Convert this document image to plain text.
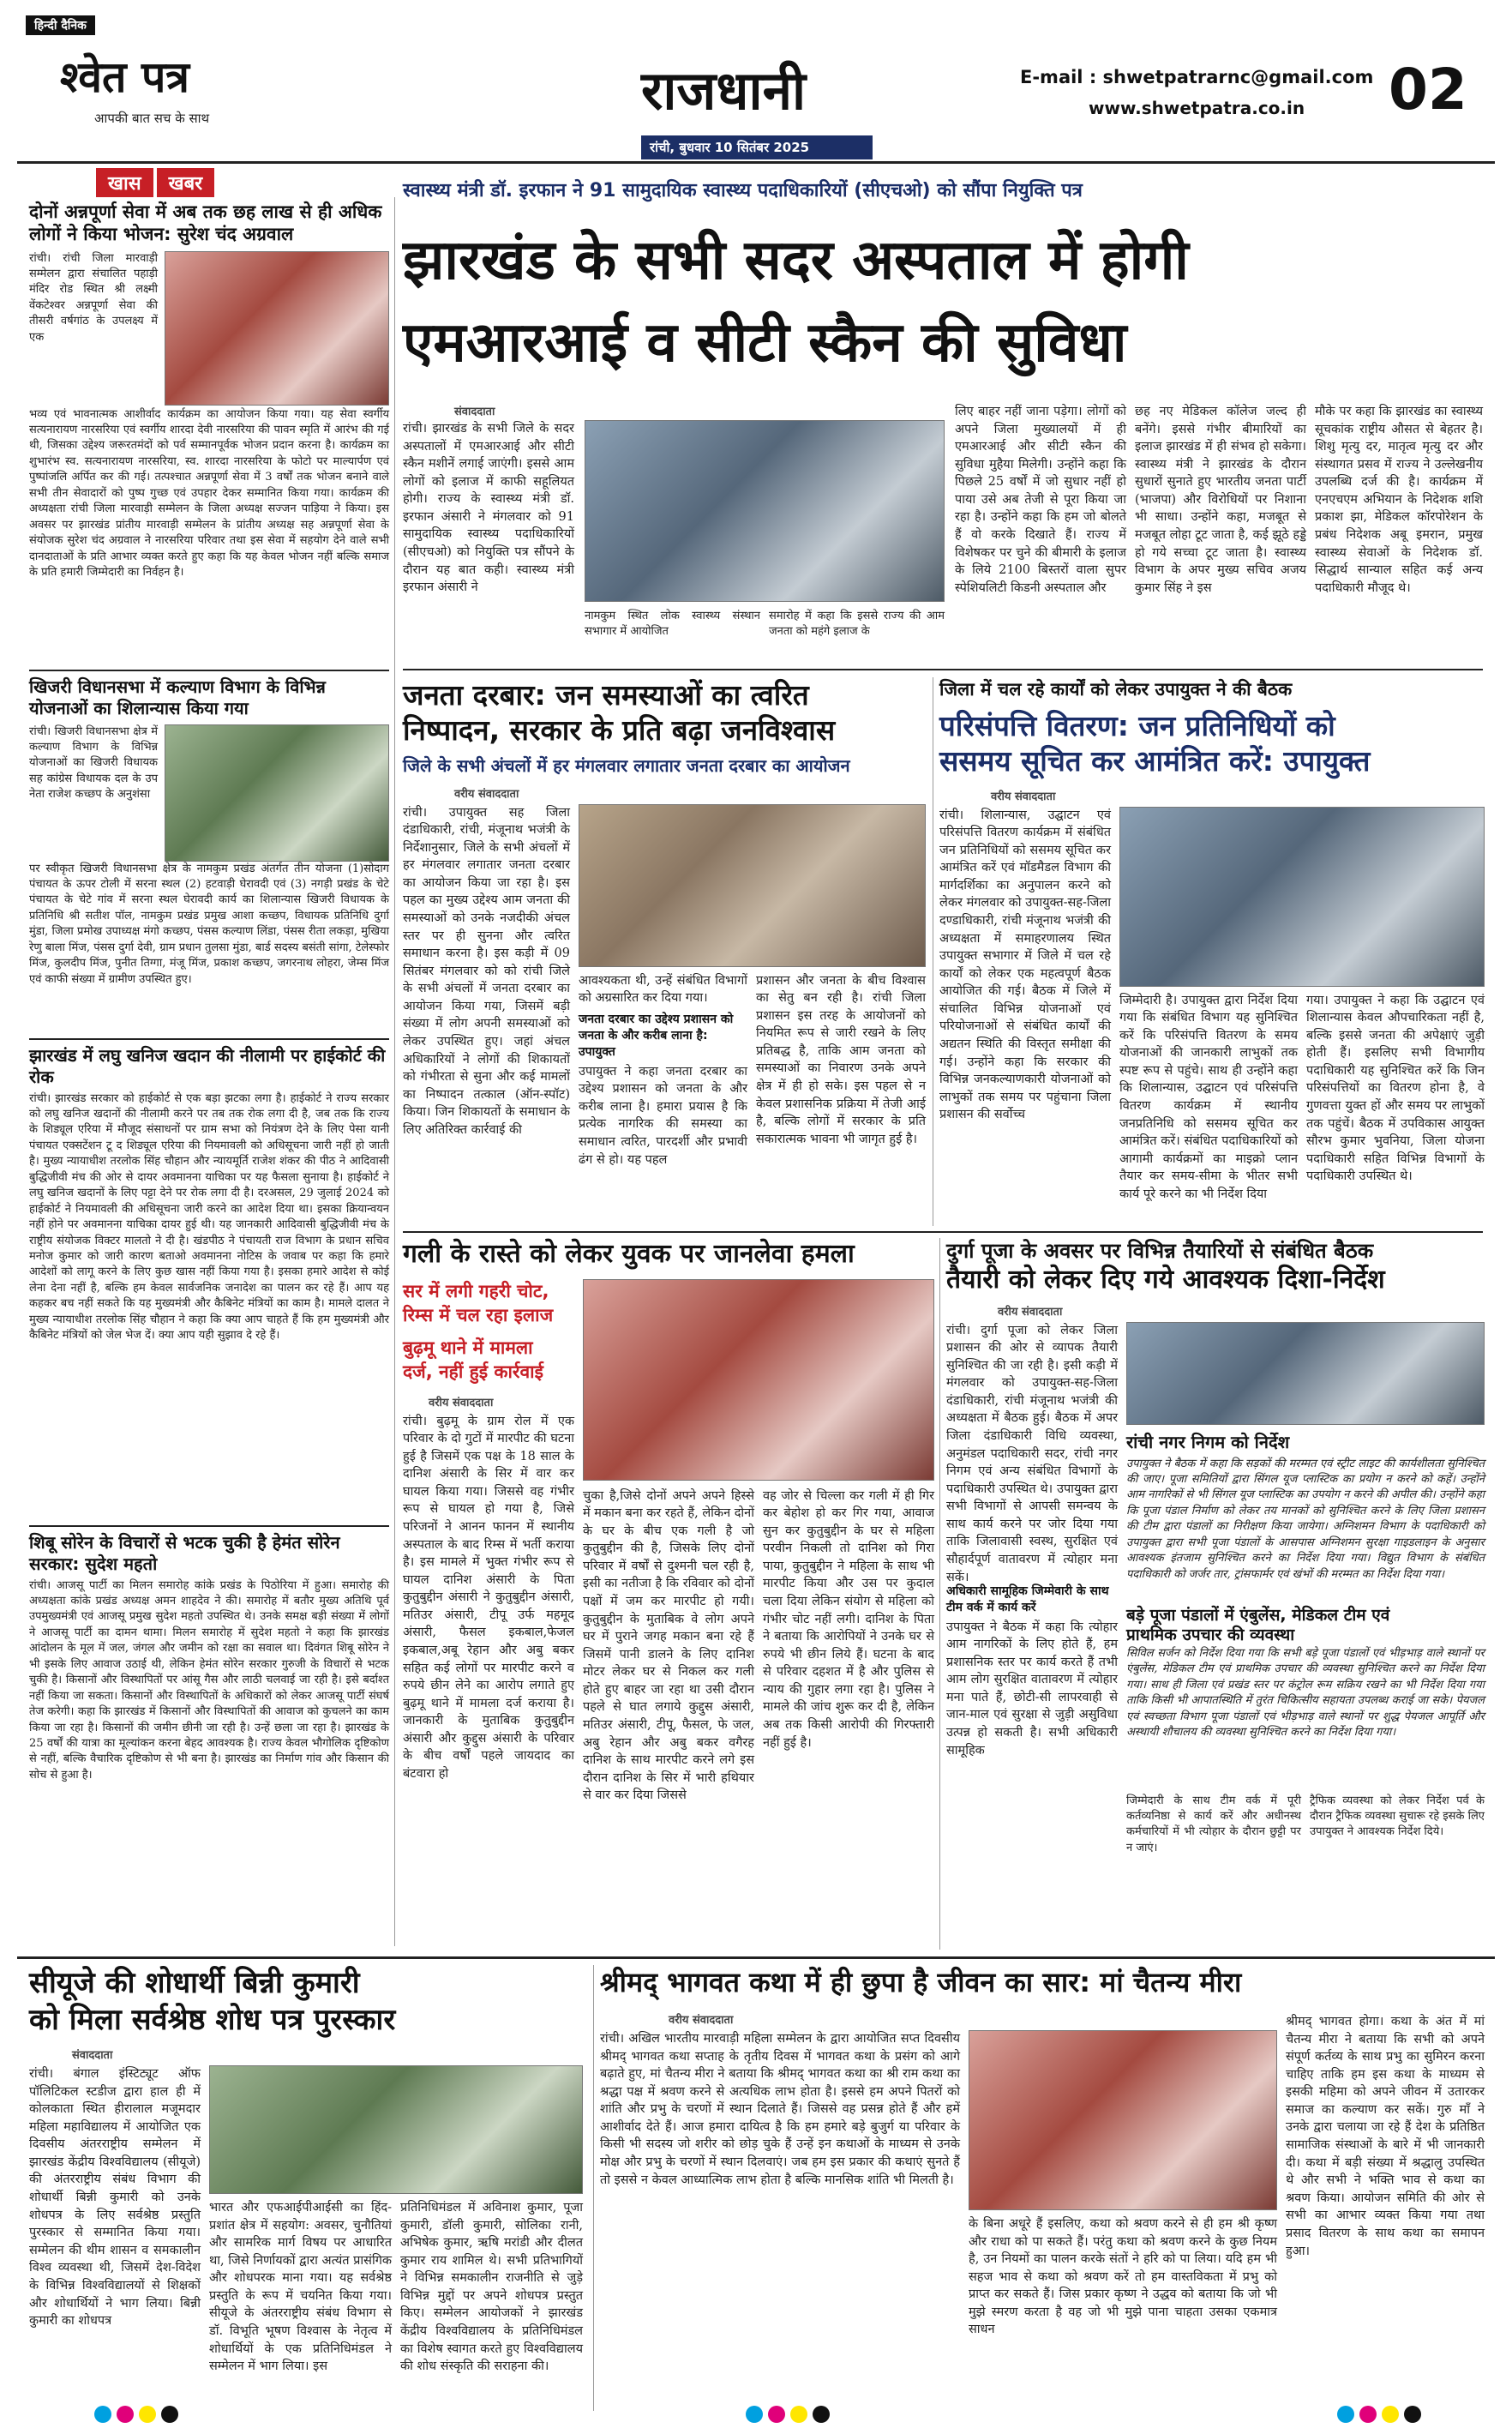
हिन्दी दैनिक
श्वेत पत्र
आपकी बात सच के साथ	राजधानी
रांची, बुधवार 10 सितंबर 2025
E-mail : shwetpatrarnc@gmail.com
www.shwetpatra.co.in 02
खास	खबर
दोनों अन्नपूर्णा सेवा में अब तक छह लाख से ही अधिक लोगों ने किया भोजन: सुरेश चंद अग्रवाल
रांची। रांची जिला मारवाड़ी सम्मेलन द्वारा संचालित पहाड़ी मंदिर रोड स्थित श्री लक्ष्मी वेंकटेश्वर अन्नपूर्णा सेवा की तीसरी वर्षगांठ के उपलक्ष्य में एक
भव्य एवं भावनात्मक आशीर्वाद कार्यक्रम का आयोजन किया गया। यह सेवा स्वर्गीय सत्यनारायण नारसरिया एवं स्वर्गीय शारदा देवी नारसरिया की पावन स्मृति में आरंभ की गई थी, जिसका उद्देश्य जरूरतमंदों को पर्व सम्मानपूर्वक भोजन प्रदान करना है। कार्यक्रम का शुभारंभ स्व. सत्यनारायण नारसरिया, स्व. शारदा नारसरिया के फोटो पर माल्यार्पण एवं पुष्पांजलि अर्पित कर की गई। तत्पश्चात अन्नपूर्णा सेवा में 3 वर्षों तक भोजन बनाने वाले सभी तीन सेवादारों को पुष्प गुच्छ एवं उपहार देकर सम्मानित किया गया। कार्यक्रम की अध्यक्षता रांची जिला मारवाड़ी सम्मेलन के जिला अध्यक्ष सज्जन पाड़िया ने किया। इस अवसर पर झारखंड प्रांतीय मारवाड़ी सम्मेलन के प्रांतीय अध्यक्ष सह अन्नपूर्णा सेवा के संयोजक सुरेश चंद अग्रवाल ने नारसरिया परिवार तथा इस सेवा में सहयोग देने वाले सभी दानदाताओं के प्रति आभार व्यक्त करते हुए कहा कि यह केवल भोजन नहीं बल्कि समाज के प्रति हमारी जिम्मेदारी का निर्वहन है।
खिजरी विधानसभा में कल्याण विभाग के विभिन्न योजनाओं का शिलान्यास किया गया
रांची। खिजरी विधानसभा क्षेत्र में कल्याण विभाग के विभिन्न योजनाओं का खिजरी विधायक सह कांग्रेस विधायक दल के उप नेता राजेश कच्छप के अनुशंसा
पर स्वीकृत खिजरी विधानसभा क्षेत्र के नामकुम प्रखंड अंतर्गत तीन योजना (1)सोदाग पंचायत के ऊपर टोली में सरना स्थल (2) हटवाड़ी घेरावदी एवं (3) नगड़ी प्रखंड के चेटे पंचायत के चेटे गांव में सरना स्थल घेरावदी कार्य का शिलान्यास खिजरी विधायक के प्रतिनिधि श्री सतीश पॉल, नामकुम प्रखंड प्रमुख आशा कच्छप, विधायक प्रतिनिधि दुर्गा मुंडा, जिला प्रमोख उपाध्यक्ष मंगो कच्छप, पंसस कल्याण लिंडा, पंसस रीता लकड़ा, मुखिया रेणु बाला मिंज, पंसस दुर्गा देवी, ग्राम प्रधान तुलसा मुंडा, बार्ड सदस्य बसंती सांगा, टेलेस्फोर मिंज, कुलदीप मिंज, पुनीत तिग्गा, मंजू मिंज, प्रकाश कच्छप, जगरनाथ लोहरा, जेम्स मिंज एवं काफी संख्या में ग्रामीण उपस्थित हुए।
झारखंड में लघु खनिज खदान की नीलामी पर हाईकोर्ट की रोक
रांची। झारखंड सरकार को हाईकोर्ट से एक बड़ा झटका लगा है। हाईकोर्ट ने राज्य सरकार को लघु खनिज खदानों की नीलामी करने पर तब तक रोक लगा दी है, जब तक कि राज्य के शिड्यूल एरिया में मौजूद संसाधनों पर ग्राम सभा को नियंत्रण देने के लिए पेसा यानी पंचायत एक्सटेंशन टू द शिड्यूल एरिया की नियमावली को अधिसूचना जारी नहीं हो जाती है। मुख्य न्यायाधीश तरलोक सिंह चौहान और न्यायमूर्ति राजेश शंकर की पीठ ने आदिवासी बुद्धिजीवी मंच की ओर से दायर अवमानना याचिका पर यह फैसला सुनाया है। हाईकोर्ट ने लघु खनिज खदानों के लिए पट्टा देने पर रोक लगा दी है। दरअसल, 29 जुलाई 2024 को हाईकोर्ट ने नियमावली की अधिसूचना जारी करने का आदेश दिया था। इसका क्रियान्वयन नहीं होने पर अवमानना याचिका दायर हुई थी। यह जानकारी आदिवासी बुद्धिजीवी मंच के राष्ट्रीय संयोजक विक्टर मालतो ने दी है। खंडपीठ ने पंचायती राज विभाग के प्रधान सचिव मनोज कुमार को जारी कारण बताओ अवमानना नोटिस के जवाब पर कहा कि हमारे आदेशों को लागू करने के लिए कुछ खास नहीं किया गया है। इसका हमारे आदेश से कोई लेना देना नहीं है, बल्कि हम केवल सार्वजनिक जनादेश का पालन कर रहे हैं। आप यह कहकर बच नहीं सकते कि यह मुख्यमंत्री और कैबिनेट मंत्रियों का काम है। मामले दालत ने मुख्य न्यायाधीश तरलोक सिंह चौहान ने कहा कि क्या आप चाहते हैं कि हम मुख्यमंत्री और कैबिनेट मंत्रियों को जेल भेज दें। क्या आप यही सुझाव दे रहे हैं।
शिबू सोरेन के विचारों से भटक चुकी है हेमंत सोरेन सरकार: सुदेश महतो
रांची। आजसू पार्टी का मिलन समारोह कांके प्रखंड के पिठोरिया में हुआ। समारोह की अध्यक्षता कांके प्रखंड अध्यक्ष अमन शाहदेव ने की। समारोह में बतौर मुख्य अतिथि पूर्व उपमुख्यमंत्री एवं आजसू प्रमुख सुदेश महतो उपस्थित थे। उनके समक्ष बड़ी संख्या में लोगों ने आजसू पार्टी का दामन थामा। मिलन समारोह में सुदेश महतो ने कहा कि झारखंड आंदोलन के मूल में जल, जंगल और जमीन को रक्षा का सवाल था। दिवंगत शिबू सोरेन ने भी इसके लिए आवाज उठाई थी, लेकिन हेमंत सोरेन सरकार गुरुजी के विचारों से भटक चुकी है। किसानों और विस्थापितों पर आंसू गैस और लाठी चलवाई जा रही है। इसे बर्दाश्त नहीं किया जा सकता। किसानों और विस्थापितों के अधिकारों को लेकर आजसू पार्टी संघर्ष तेज करेगी। कहा कि झारखंड में किसानों और विस्थापितों की आवाज को कुचलने का काम किया जा रहा है। किसानों की जमीन छीनी जा रही है। उन्हें छला जा रहा है। झारखंड के 25 वर्षों की यात्रा का मूल्यांकन करना बेहद आवश्यक है। राज्य केवल भौगोलिक दृष्टिकोण से नहीं, बल्कि वैचारिक दृष्टिकोण से भी बना है। झारखंड का निर्माण गांव और किसान की सोच से हुआ है।
स्वास्थ्य मंत्री डॉ. इरफान ने 91 सामुदायिक स्वास्थ्य पदाधिकारियों (सीएचओ) को सौंपा नियुक्ति पत्र
झारखंड के सभी सदर अस्पताल में होगी
एमआरआई व सीटी स्कैन की सुविधा
संवाददाता
रांची। झारखंड के सभी जिले के सदर अस्पतालों में एमआरआई और सीटी स्कैन मशीनें लगाई जाएंगी। इससे आम लोगों को इलाज में काफी सहूलियत होगी। राज्य के स्वास्थ्य मंत्री डॉ. इरफान अंसारी ने मंगलवार को 91 सामुदायिक स्वास्थ्य पदाधिकारियों (सीएचओ) को नियुक्ति पत्र सौंपने के दौरान यह बात कही। स्वास्थ्य मंत्री इरफान अंसारी ने
नामकुम स्थित लोक स्वास्थ्य संस्थान सभागार में आयोजित
समारोह में कहा कि इससे राज्य की आम जनता को महंगे इलाज के
लिए बाहर नहीं जाना पड़ेगा। लोगों को अपने जिला मुख्यालयों में ही एमआरआई और सीटी स्कैन की सुविधा मुहैया मिलेगी। उन्होंने कहा कि पिछले 25 वर्षों में जो सुधार नहीं हो पाया उसे अब तेजी से पूरा किया जा रहा है। उन्होंने कहा कि हम जो बोलते हैं वो करके दिखाते हैं। राज्य में विशेषकर पर चुने की बीमारी के इलाज के लिये 2100 बिस्तरों वाला सुपर स्पेशियलिटी किडनी अस्पताल और
छह नए मेडिकल कॉलेज जल्द ही बनेंगे। इससे गंभीर बीमारियों का इलाज झारखंड में ही संभव हो सकेगा। स्वास्थ्य मंत्री ने झारखंड के दौरान सुधारों सुनाते हुए भारतीय जनता पार्टी (भाजपा) और विरोधियों पर निशाना भी साधा। उन्होंने कहा, मजबूत से मजबूत लोहा टूट जाता है, कई झूठे हड्डे हो गये सच्चा टूट जाता है। स्वास्थ्य विभाग के अपर मुख्य सचिव अजय कुमार सिंह ने इस
मौके पर कहा कि झारखंड का स्वास्थ्य सूचकांक राष्ट्रीय औसत से बेहतर है। शिशु मृत्यु दर, मातृत्व मृत्यु दर और संस्थागत प्रसव में राज्य ने उल्लेखनीय उपलब्धि दर्ज की है। कार्यक्रम में एनएचएम अभियान के निदेशक शशि प्रकाश झा, मेडिकल कॉरपोरेशन के प्रबंध निदेशक अबू इमरान, प्रमुख स्वास्थ्य सेवाओं के निदेशक डॉ. सिद्धार्थ सान्याल सहित कई अन्य पदाधिकारी मौजूद थे।
जनता दरबार: जन समस्याओं का त्वरित
निष्पादन, सरकार के प्रति बढ़ा जनविश्वास
जिले के सभी अंचलों में हर मंगलवार लगातार जनता दरबार का आयोजन
वरीय संवाददाता
रांची। उपायुक्त सह जिला दंडाधिकारी, रांची, मंजूनाथ भजंत्री के निर्देशानुसार, जिले के सभी अंचलों में हर मंगलवार लगातार जनता दरबार का आयोजन किया जा रहा है। इस पहल का मुख्य उद्देश्य आम जनता की समस्याओं को उनके नजदीकी अंचल स्तर पर ही सुनना और त्वरित समाधान करना है। इस कड़ी में 09 सितंबर मंगलवार को को रांची जिले के सभी अंचलों में जनता दरबार का आयोजन किया गया, जिसमें बड़ी संख्या में लोग अपनी समस्याओं को लेकर उपस्थित हुए। जहां अंचल अधिकारियों ने लोगों की शिकायतों को गंभीरता से सुना और कई मामलों का निष्पादन तत्काल (ऑन-स्पॉट) किया। जिन शिकायतों के समाधान के लिए अतिरिक्त कार्रवाई की
आवश्यकता थी, उन्हें संबंधित विभागों को अग्रसारित कर दिया गया।
जनता दरबार का उद्देश्य प्रशासन को जनता के और करीब लाना है: उपायुक्त
उपायुक्त ने कहा जनता दरबार का उद्देश्य प्रशासन को जनता के और करीब लाना है। हमारा प्रयास है कि प्रत्येक नागरिक की समस्या का समाधान त्वरित, पारदर्शी और प्रभावी ढंग से हो। यह पहल
प्रशासन और जनता के बीच विश्वास का सेतु बन रही है। रांची जिला प्रशासन इस तरह के आयोजनों को नियमित रूप से जारी रखने के लिए प्रतिबद्ध है, ताकि आम जनता को समस्याओं का निवारण उनके अपने क्षेत्र में ही हो सके। इस पहल से न केवल प्रशासनिक प्रक्रिया में तेजी आई है, बल्कि लोगों में सरकार के प्रति सकारात्मक भावना भी जागृत हुई है।
जिला में चल रहे कार्यों को लेकर उपायुक्त ने की बैठक
परिसंपत्ति वितरण: जन प्रतिनिधियों को
ससमय सूचित कर आमंत्रित करें: उपायुक्त
वरीय संवाददाता
रांची। शिलान्यास, उद्घाटन एवं परिसंपत्ति वितरण कार्यक्रम में संबंधित जन प्रतिनिधियों को ससमय सूचित कर आमंत्रित करें एवं मॉडमैडल विभाग की मार्गदर्शिका का अनुपालन करने को लेकर मंगलवार को उपायुक्त-सह-जिला दण्डाधिकारी, रांची मंजूनाथ भजंत्री की अध्यक्षता में समाहरणालय स्थित उपायुक्त सभागार में जिले में चल रहे कार्यों को लेकर एक महत्वपूर्ण बैठक आयोजित की गई। बैठक में जिले में संचालित विभिन्न योजनाओं एवं परियोजनाओं से संबंधित कार्यों की अद्यतन स्थिति की विस्तृत समीक्षा की गई। उन्होंने कहा कि सरकार की विभिन्न जनकल्याणकारी योजनाओं को लाभुकों तक समय पर पहुंचाना जिला प्रशासन की सर्वोच्च
जिम्मेदारी है। उपायुक्त द्वारा निर्देश दिया गया कि संबंधित विभाग यह सुनिश्चित करें कि परिसंपत्ति वितरण के समय योजनाओं की जानकारी लाभुकों तक स्पष्ट रूप से पहुंचे। साथ ही उन्होंने कहा कि शिलान्यास, उद्घाटन एवं परिसंपत्ति वितरण कार्यक्रम में स्थानीय जनप्रतिनिधि को ससमय सूचित कर आमंत्रित करें। संबंधित पदाधिकारियों को आगामी कार्यक्रमों का माइक्रो प्लान तैयार कर समय-सीमा के भीतर सभी कार्य पूरे करने का भी निर्देश दिया
गया। उपायुक्त ने कहा कि उद्घाटन एवं शिलान्यास केवल औपचारिकता नहीं है, बल्कि इससे जनता की अपेक्षाएं जुड़ी होती हैं। इसलिए सभी विभागीय पदाधिकारी यह सुनिश्चित करें कि जिन परिसंपत्तियों का वितरण होना है, वे गुणवत्ता युक्त हों और समय पर लाभुकों तक पहुंचें। बैठक में उपविकास आयुक्त सौरभ कुमार भुवनिया, जिला योजना पदाधिकारी सहित विभिन्न विभागों के पदाधिकारी उपस्थित थे।
गली के रास्ते को लेकर युवक पर जानलेवा हमला
सर में लगी गहरी चोट,
रिम्स में चल रहा इलाज
बुढ़मू थाने में मामला
दर्ज, नहीं हुई कार्रवाई
वरीय संवाददाता
रांची। बुढ़मू के ग्राम रोल में एक परिवार के दो गुटों में मारपीट की घटना हुई है जिसमें एक पक्ष के 18 साल के दानिश अंसारी के सिर में वार कर घायल किया गया। जिससे वह गंभीर रूप से घायल हो गया है, जिसे परिजनों ने आनन फानन में स्थानीय अस्पताल के बाद रिम्स में भर्ती कराया है। इस मामले में भुक्त गंभीर रूप से घायल दानिश अंसारी के पिता कुतुबुद्दीन अंसारी ने कुतुबुद्दीन अंसारी, मतिउर अंसारी, टीपू उर्फ महमूद अंसारी, फैसल इकबाल,फेजल इकबाल,अबू रेहान और अबु बकर सहित कई लोगों पर मारपीट करने व रुपये छीन लेने का आरोप लगाते हुए बुढ़मू थाने में मामला दर्ज कराया है। जानकारी के मुताबिक कुतुबुद्दीन अंसारी और कुद्दुस अंसारी के परिवार के बीच वर्षों पहले जायदाद का बंटवारा हो
चुका है,जिसे दोनों अपने अपने हिस्से में मकान बना कर रहते हैं, लेकिन दोनों के घर के बीच एक गली है जो कुतुबुद्दीन की है, जिसके लिए दोनों परिवार में वर्षों से दुश्मनी चल रही है, इसी का नतीजा है कि रविवार को दोनों पक्षों में जम कर मारपीट हो गयी। कुतुबुद्दीन के मुताबिक वे लोग अपने घर में पुराने जगह मकान बना रहे हैं जिसमें पानी डालने के लिए दानिश मोटर लेकर घर से निकल कर गली होते हुए बाहर जा रहा था उसी दौरान पहले से घात लगाये कुद्दुस अंसारी, मतिउर अंसारी, टीपू, फैसल, फे जल, अबु रेहान और अबु बकर वगैरह दानिश के साथ मारपीट करने लगे इस दौरान दानिश के सिर में भारी हथियार से वार कर दिया जिससे
वह जोर से चिल्ला कर गली में ही गिर कर बेहोश हो कर गिर गया, आवाज सुन कर कुतुबुद्दीन के घर से महिला परवीन निकली तो दानिश को गिरा पाया, कुतुबुद्दीन ने महिला के साथ भी मारपीट किया और उस पर कुदाल चला दिया लेकिन संयोग से महिला को गंभीर चोट नहीं लगी। दानिश के पिता ने बताया कि आरोपियों ने उनके घर से रुपये भी छीन लिये हैं। घटना के बाद से परिवार दहशत में है और पुलिस से न्याय की गुहार लगा रहा है। पुलिस ने मामले की जांच शुरू कर दी है, लेकिन अब तक किसी आरोपी की गिरफ्तारी नहीं हुई है।
दुर्गा पूजा के अवसर पर विभिन्न तैयारियों से संबंधित बैठक
तैयारी को लेकर दिए गये आवश्यक दिशा-निर्देश
वरीय संवाददाता
रांची। दुर्गा पूजा को लेकर जिला प्रशासन की ओर से व्यापक तैयारी सुनिश्चित की जा रही है। इसी कड़ी में मंगलवार को उपायुक्त-सह-जिला दंडाधिकारी, रांची मंजूनाथ भजंत्री की अध्यक्षता में बैठक हुई। बैठक में अपर जिला दंडाधिकारी विधि व्यवस्था, अनुमंडल पदाधिकारी सदर, रांची नगर निगम एवं अन्य संबंधित विभागों के पदाधिकारी उपस्थित थे। उपायुक्त द्वारा सभी विभागों से आपसी समन्वय के साथ कार्य करने पर जोर दिया गया ताकि जिलावासी स्वस्थ, सुरक्षित एवं सौहार्दपूर्ण वातावरण में त्योहार मना सकें।
अधिकारी सामूहिक जिम्मेवारी के साथ टीम वर्क में कार्य करें
उपायुक्त ने बैठक में कहा कि त्योहार आम नागरिकों के लिए होते हैं, हम प्रशासनिक स्तर पर कार्य करते हैं तभी आम लोग सुरक्षित वातावरण में त्योहार मना पाते हैं, छोटी-सी लापरवाही से जान-माल एवं सुरक्षा से जुड़ी असुविधा उत्पन्न हो सकती है। सभी अधिकारी सामूहिक
रांची नगर निगम को निर्देश
उपायुक्त ने बैठक में कहा कि सड़कों की मरम्मत एवं स्ट्रीट लाइट की कार्यशीलता सुनिश्चित की जाए। पूजा समितियों द्वारा सिंगल यूज प्लास्टिक का प्रयोग न करने को कहें। उन्होंने आम नागरिकों से भी सिंगल यूज प्लास्टिक का उपयोग न करने की अपील की। उन्होंने कहा कि पूजा पंडाल निर्माण को लेकर तय मानकों को सुनिश्चित करने के लिए जिला प्रशासन की टीम द्वारा पंडालों का निरीक्षण किया जायेगा। अग्निशमन विभाग के पदाधिकारी को उपायुक्त द्वारा सभी पूजा पंडालों के आसपास अग्निशमन सुरक्षा गाइडलाइन के अनुसार आवश्यक इंतजाम सुनिश्चित करने का निर्देश दिया गया। विद्युत विभाग के संबंधित पदाधिकारी को जर्जर तार, ट्रांसफार्मर एवं खंभों की मरम्मत का निर्देश दिया गया।
बड़े पूजा पंडालों में एंबुलेंस, मेडिकल टीम एवं
प्राथमिक उपचार की व्यवस्था
सिविल सर्जन को निर्देश दिया गया कि सभी बड़े पूजा पंडालों एवं भीड़भाड़ वाले स्थानों पर एंबुलेंस, मेडिकल टीम एवं प्राथमिक उपचार की व्यवस्था सुनिश्चित करने का निर्देश दिया गया। साथ ही जिला एवं प्रखंड स्तर पर कंट्रोल रूम सक्रिय रखने का भी निर्देश दिया गया ताकि किसी भी आपातस्थिति में तुरंत चिकित्सीय सहायता उपलब्ध कराई जा सके। पेयजल एवं स्वच्छता विभाग पूजा पंडालों एवं भीड़भाड़ वाले स्थानों पर शुद्ध पेयजल आपूर्ति और अस्थायी शौचालय की व्यवस्था सुनिश्चित करने का निर्देश दिया गया।
जिम्मेदारी के साथ टीम वर्क में पूरी कर्तव्यनिष्ठा से कार्य करें और अधीनस्थ कर्मचारियों में भी त्योहार के दौरान छुट्टी पर न जाएं।
ट्रैफिक व्यवस्था को लेकर निर्देश पर्व के दौरान ट्रैफिक व्यवस्था सुचारू रहे इसके लिए उपायुक्त ने आवश्यक निर्देश दिये।
सीयूजे की शोधार्थी बिन्नी कुमारी
को मिला सर्वश्रेष्ठ शोध पत्र पुरस्कार
संवाददाता
रांची। बंगाल इंस्टिट्यूट ऑफ पॉलिटिकल स्टडीज द्वारा हाल ही में कोलकाता स्थित हीरालाल मजूमदार महिला महाविद्यालय में आयोजित एक दिवसीय अंतरराष्ट्रीय सम्मेलन में झारखंड केंद्रीय विश्वविद्यालय (सीयूजे) की अंतरराष्ट्रीय संबंध विभाग की शोधार्थी बिन्नी कुमारी को उनके शोधपत्र के लिए सर्वश्रेष्ठ प्रस्तुति पुरस्कार से सम्मानित किया गया। सम्मेलन की थीम शासन व समकालीन विश्व व्यवस्था थी, जिसमें देश-विदेश के विभिन्न विश्वविद्यालयों से शिक्षकों और शोधार्थियों ने भाग लिया। बिन्नी कुमारी का शोधपत्र
भारत और एफआईपीआईसी का हिंद-प्रशांत क्षेत्र में सहयोग: अवसर, चुनौतियां और सामरिक मार्ग विषय पर आधारित था, जिसे निर्णायकों द्वारा अत्यंत प्रासंगिक और शोधपरक माना गया। यह सर्वश्रेष्ठ प्रस्तुति के रूप में चयनित किया गया। सीयूजे के अंतरराष्ट्रीय संबंध विभाग से डॉ. विभूति भूषण विश्वास के नेतृत्व में शोधार्थियों के एक प्रतिनिधिमंडल ने सम्मेलन में भाग लिया। इस
प्रतिनिधिमंडल में अविनाश कुमार, पूजा कुमारी, डॉली कुमारी, सोलिका रानी, अभिषेक कुमार, ऋषि मरांडी और दीलत कुमार राय शामिल थे। सभी प्रतिभागियों ने विभिन्न समकालीन राजनीति से जुड़े विभिन्न मुद्दों पर अपने शोधपत्र प्रस्तुत किए। सम्मेलन आयोजकों ने झारखंड केंद्रीय विश्वविद्यालय के प्रतिनिधिमंडल का विशेष स्वागत करते हुए विश्वविद्यालय की शोध संस्कृति की सराहना की।
श्रीमद् भागवत कथा में ही छुपा है जीवन का सार: मां चैतन्य मीरा
वरीय संवाददाता
रांची। अखिल भारतीय मारवाड़ी महिला सम्मेलन के द्वारा आयोजित सप्त दिवसीय श्रीमद् भागवत कथा सप्ताह के तृतीय दिवस में भागवत कथा के प्रसंग को आगे बढ़ाते हुए, मां चैतन्य मीरा ने बताया कि श्रीमद् भागवत कथा का श्री राम कथा का श्रद्धा पक्ष में श्रवण करने से अत्यधिक लाभ होता है। इससे हम अपने पितरों को शांति और प्रभु के चरणों में स्थान दिलाते हैं। जिससे वह प्रसन्न होते हैं और हमें आशीर्वाद देते हैं। आज हमारा दायित्व है कि हम हमारे बड़े बुजुर्ग या परिवार के किसी भी सदस्य जो शरीर को छोड़ चुके हैं उन्हें इन कथाओं के माध्यम से उनके मोक्ष और प्रभु के चरणों में स्थान दिलवाएं। जब हम इस प्रकार की कथाएं सुनते हैं तो इससे न केवल आध्यात्मिक लाभ होता है बल्कि मानसिक शांति भी मिलती है।
के बिना अधूरे हैं इसलिए, कथा को श्रवण करने से ही हम श्री कृष्ण और राधा को पा सकते हैं। परंतु कथा को श्रवण करने के कुछ नियम है, उन नियमों का पालन करके संतों ने हरि को पा लिया। यदि हम भी सहज भाव से कथा को श्रवण करें तो हम वास्तविकता में प्रभु को प्राप्त कर सकते हैं। जिस प्रकार कृष्ण ने उद्धव को बताया कि जो भी मुझे स्मरण करता है वह जो भी मुझे पाना चाहता उसका एकमात्र साधन
श्रीमद् भागवत होगा। कथा के अंत में मां चैतन्य मीरा ने बताया कि सभी को अपने संपूर्ण कर्तव्य के साथ प्रभु का सुमिरन करना चाहिए ताकि हम इस कथा के माध्यम से इसकी महिमा को अपने जीवन में उतारकर समाज का कल्याण कर सकें। गुरु माँ ने उनके द्वारा चलाया जा रहे हैं देश के प्रतिष्ठित सामाजिक संस्थाओं के बारे में भी जानकारी दी। कथा में बड़ी संख्या में श्रद्धालु उपस्थित थे और सभी ने भक्ति भाव से कथा का श्रवण किया। आयोजन समिति की ओर से सभी का आभार व्यक्त किया गया तथा प्रसाद वितरण के साथ कथा का समापन हुआ।
